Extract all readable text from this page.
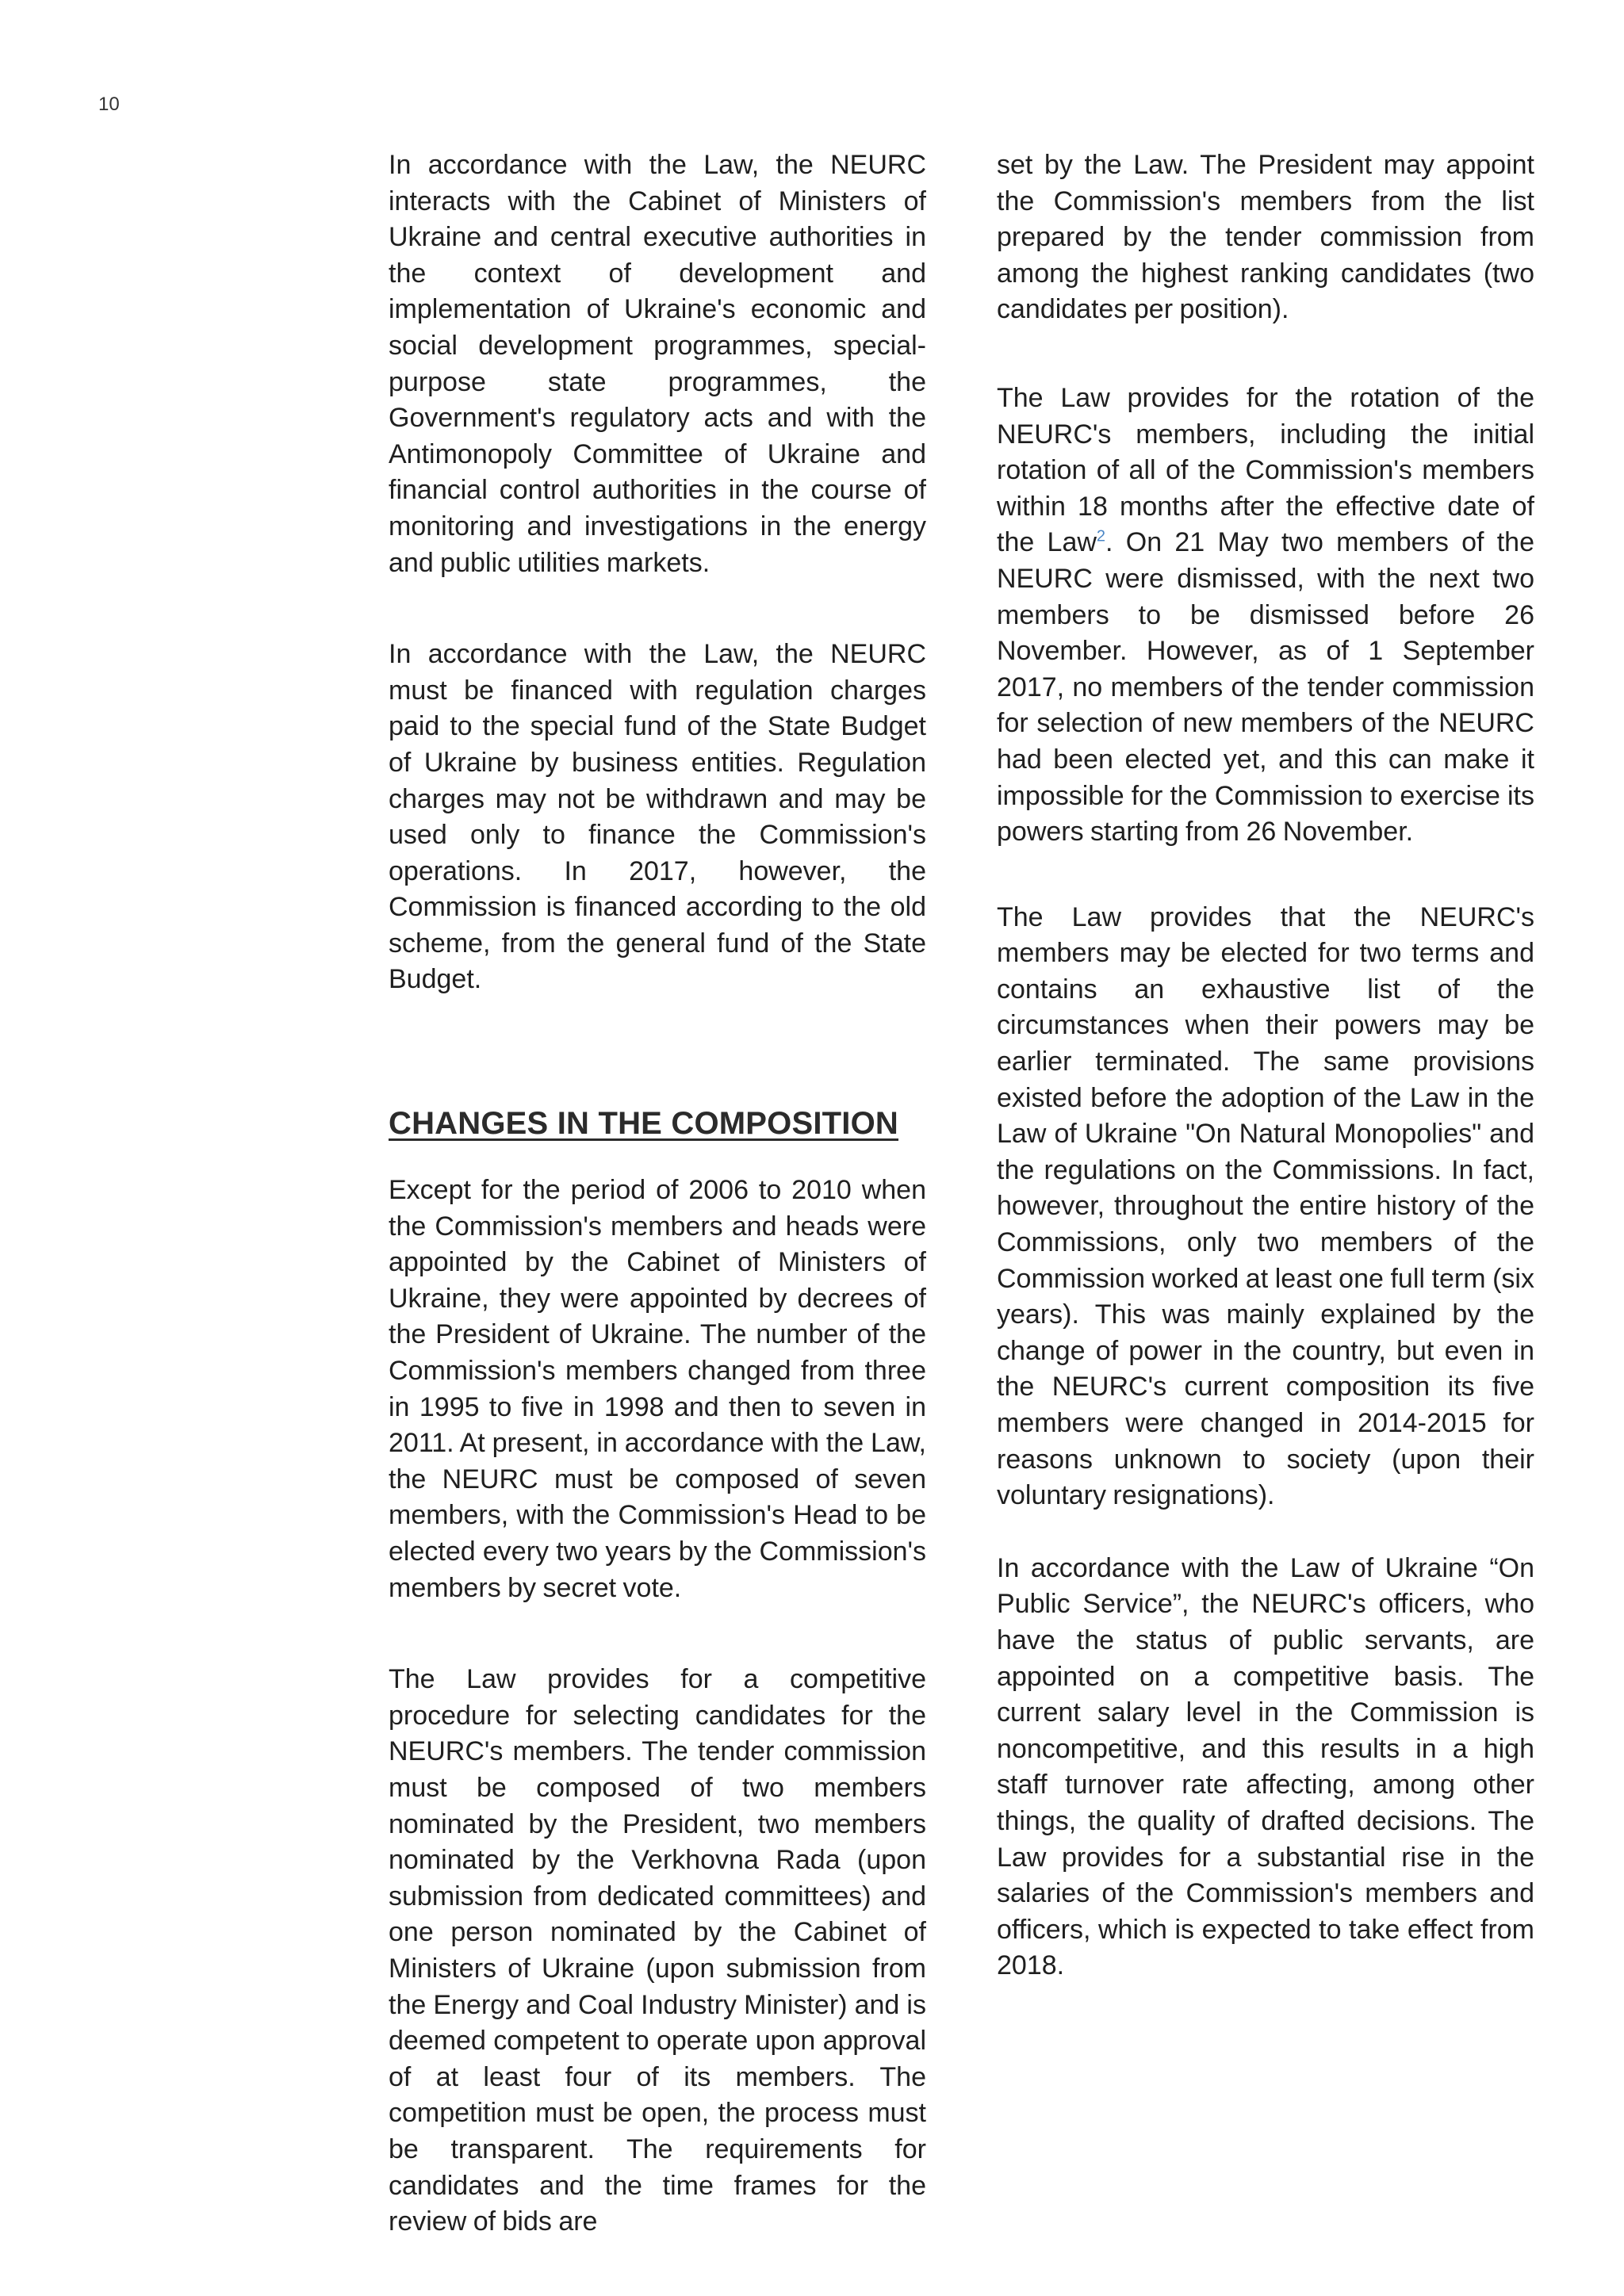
10

In accordance with the Law, the NEURC interacts with the Cabinet of Ministers of Ukraine and central executive authorities in the context of development and implementation of Ukraine's economic and social development programmes, special-purpose state programmes, the Government's regulatory acts and with the Antimonopoly Committee of Ukraine and financial control authorities in the course of monitoring and investigations in the energy and public utilities markets.

In accordance with the Law, the NEURC must be financed with regulation charges paid to the special fund of the State Budget of Ukraine by business entities. Regulation charges may not be withdrawn and may be used only to finance the Commission's operations. In 2017, however, the Commission is financed according to the old scheme, from the general fund of the State Budget.

CHANGES IN THE COMPOSITION

Except for the period of 2006 to 2010 when the Commission's members and heads were appointed by the Cabinet of Ministers of Ukraine, they were appointed by decrees of the President of Ukraine. The number of the Commission's members changed from three in 1995 to five in 1998 and then to seven in 2011. At present, in accordance with the Law, the NEURC must be composed of seven members, with the Commission's Head to be elected every two years by the Commission's members by secret vote.

The Law provides for a competitive procedure for selecting candidates for the NEURC's members. The tender commission must be composed of two members nominated by the President, two members nominated by the Verkhovna Rada (upon submission from dedicated committees) and one person nominated by the Cabinet of Ministers of Ukraine (upon submission from the Energy and Coal Industry Minister) and is deemed competent to operate upon approval of at least four of its members. The competition must be open, the process must be transparent. The requirements for candidates and the time frames for the review of bids are

set by the Law. The President may appoint the Commission's members from the list prepared by the tender commission from among the highest ranking candidates (two candidates per position).

The Law provides for the rotation of the NEURC's members, including the initial rotation of all of the Commission's members within 18 months after the effective date of the Law$^2$. On 21 May two members of the NEURC were dismissed, with the next two members to be dismissed before 26 November. However, as of 1 September 2017, no members of the tender commission for selection of new members of the NEURC had been elected yet, and this can make it impossible for the Commission to exercise its powers starting from 26 November.

The Law provides that the NEURC's members may be elected for two terms and contains an exhaustive list of the circumstances when their powers may be earlier terminated. The same provisions existed before the adoption of the Law in the Law of Ukraine "On Natural Monopolies" and the regulations on the Commissions. In fact, however, throughout the entire history of the Commissions, only two members of the Commission worked at least one full term (six years). This was mainly explained by the change of power in the country, but even in the NEURC's current composition its five members were changed in 2014-2015 for reasons unknown to society (upon their voluntary resignations).

In accordance with the Law of Ukraine “On Public Service”, the NEURC's officers, who have the status of public servants, are appointed on a competitive basis. The current salary level in the Commission is noncompetitive, and this results in a high staff turnover rate affecting, among other things, the quality of drafted decisions. The Law provides for a substantial rise in the salaries of the Commission's members and officers, which is expected to take effect from 2018.
